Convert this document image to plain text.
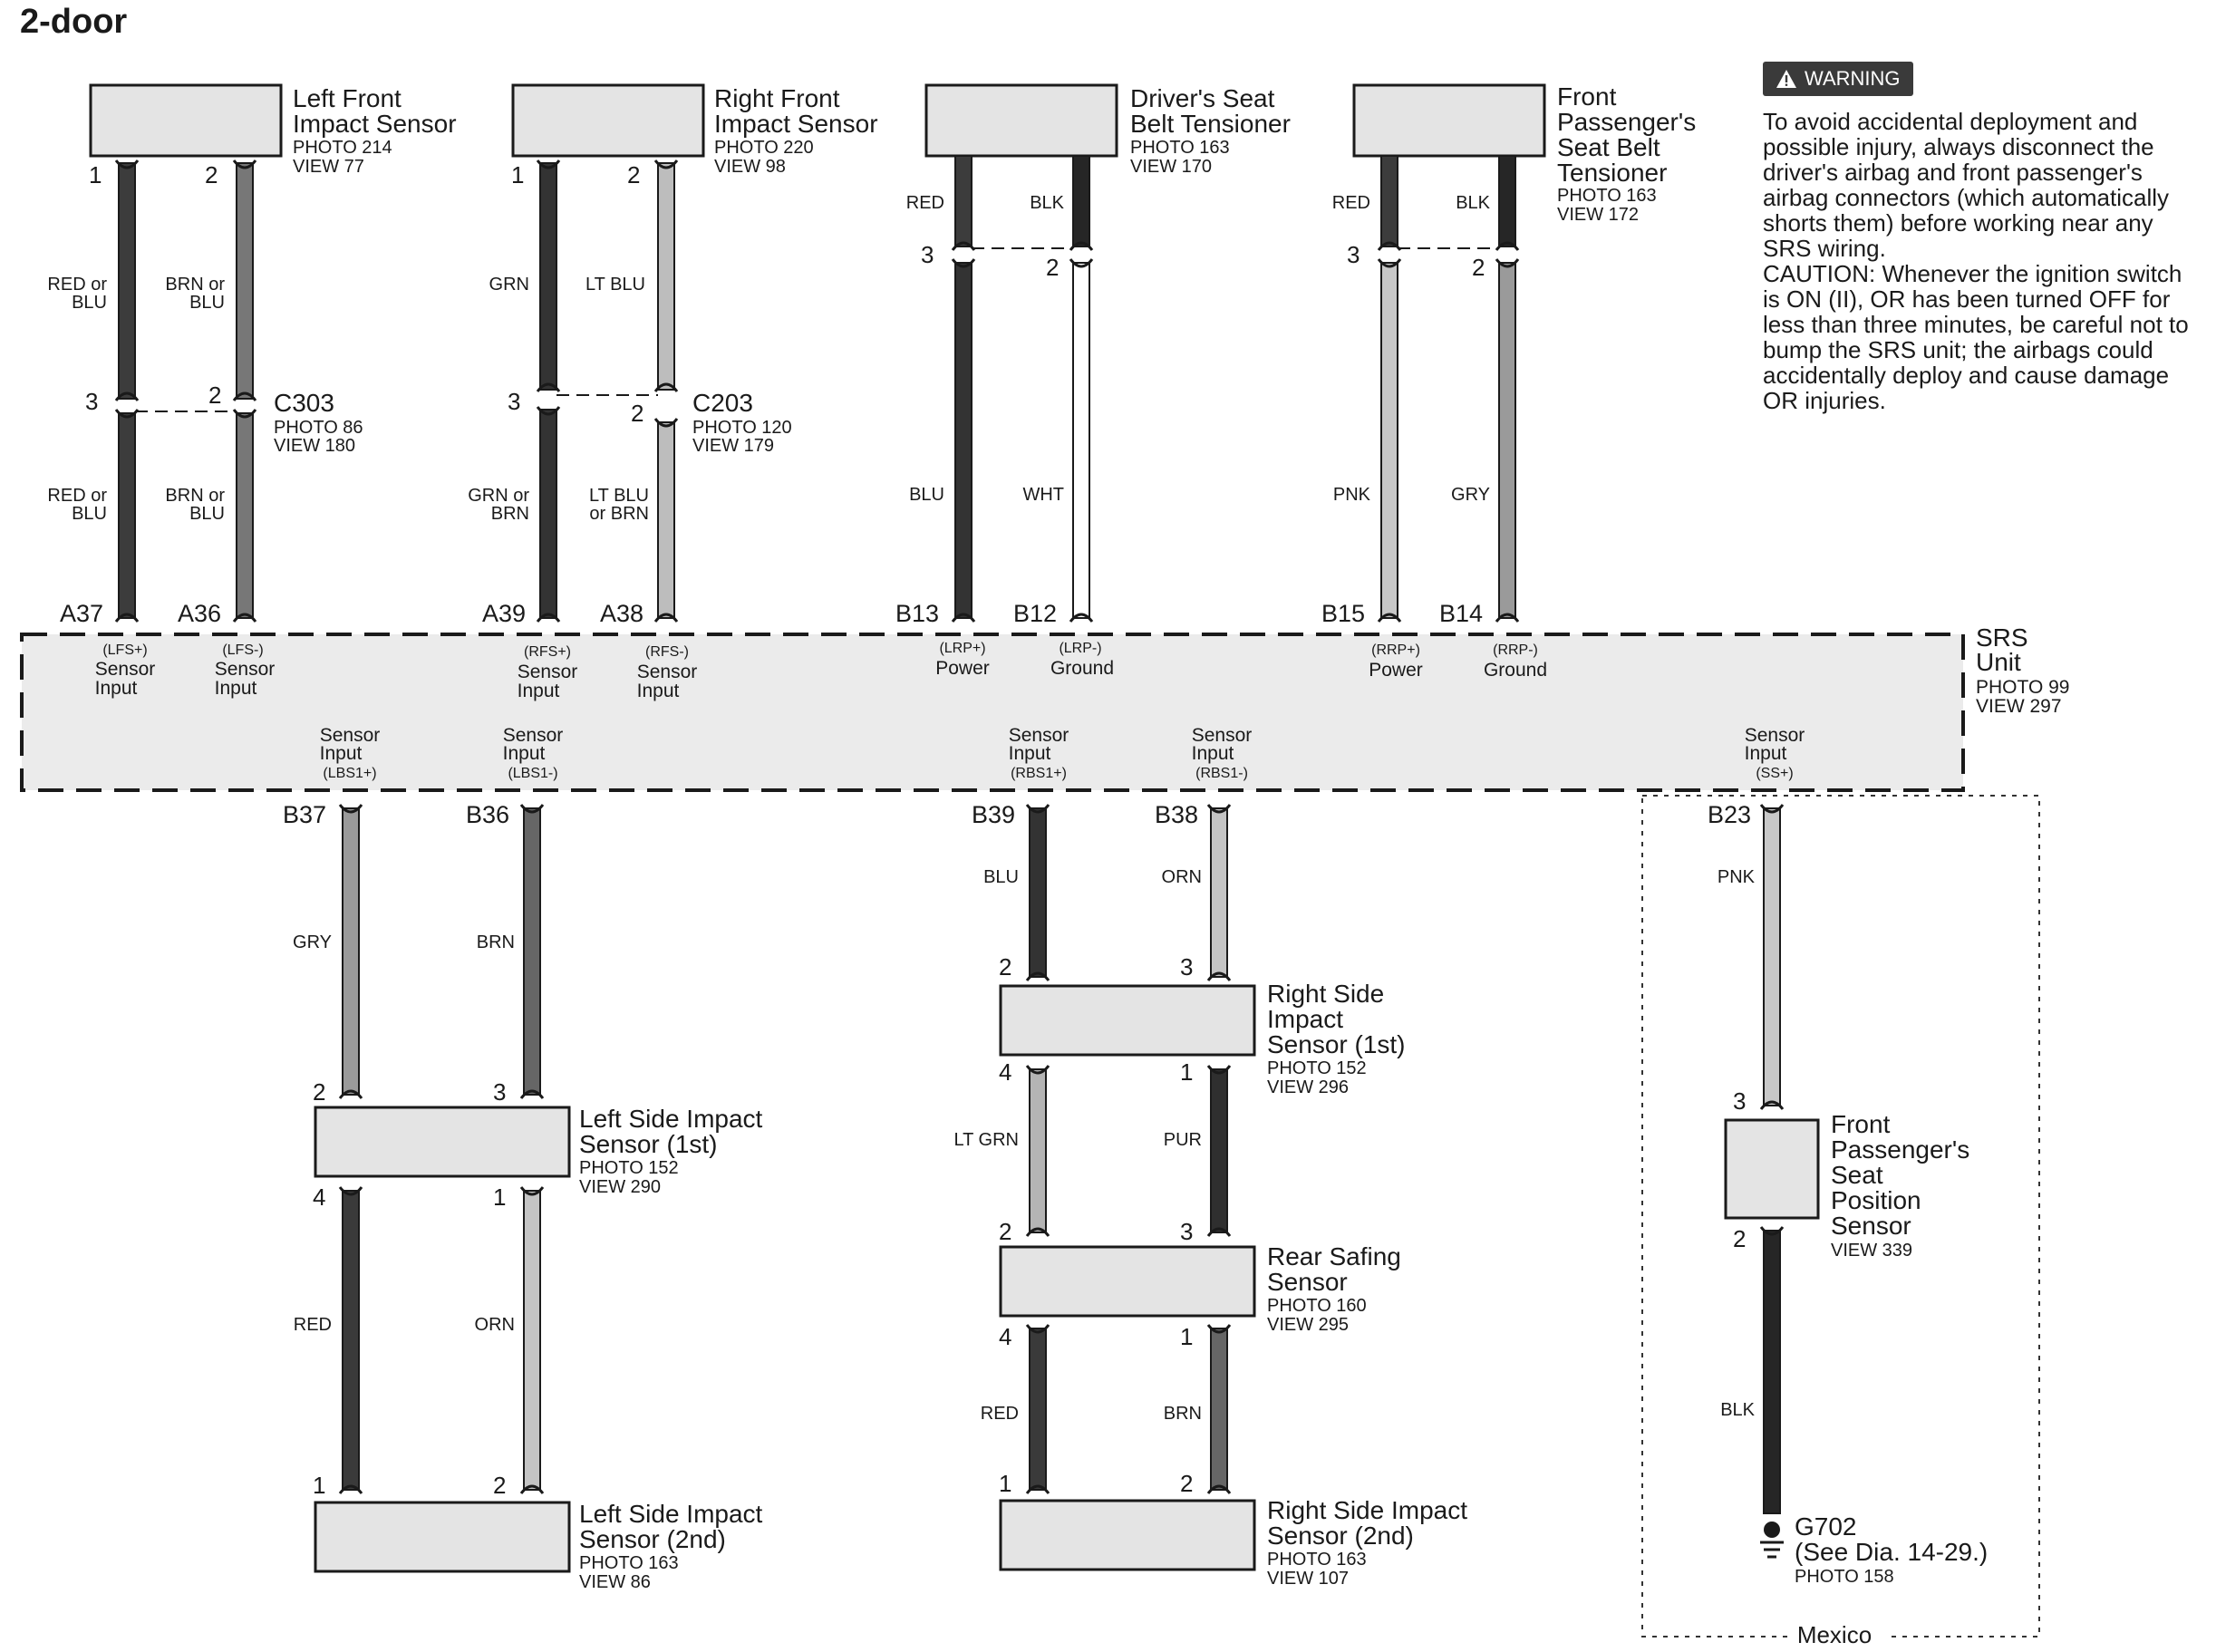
2-door
SRS Unit PHOTO 99 VIEW 297
Mexico
Left Front Impact Sensor PHOTO 214 VIEW 77
Right Front Impact Sensor PHOTO 220 VIEW 98
Driver's Seat Belt Tensioner PHOTO 163 VIEW 170
Front Passenger's Seat Belt Tensioner PHOTO 163 VIEW 172
1	2
3	2
1	2
3	2
3	2	3	2
RED or BLU
BRN or BLU
RED or BLU
BRN or BLU
GRN	LT BLU
GRN or BRN
LT BLU or BRN
RED	BLK
BLU	WHT
RED	BLK
PNK	GRY
C303 PHOTO 86 VIEW 180
C203 PHOTO 120 VIEW 179
A37	A36	A39	A38	B13	B12	B15	B14
(LFS+) Sensor Input
(LFS-) Sensor Input
(RFS+) Sensor Input
(RFS-) Sensor Input
(LRP+) Power
(LRP-) Ground
(RRP+) Power
(RRP-) Ground
Sensor Input (LBS1+)
Sensor Input (LBS1-)
Sensor Input (RBS1+)
Sensor Input (RBS1-)
Sensor Input (SS+)
B37	B36	B39	B38	B23
Left Side Impact Sensor (1st) PHOTO 152 VIEW 290
Left Side Impact Sensor (2nd) PHOTO 163 VIEW 86
2	3
4	1
1	2
GRY	BRN
RED	ORN
Right Side Impact Sensor (1st) PHOTO 152 VIEW 296
Rear Safing Sensor PHOTO 160 VIEW 295
Right Side Impact Sensor (2nd) PHOTO 163 VIEW 107
2	3
4	1
2	3
4	1
1	2
BLU	ORN
LT GRN	PUR
RED	BRN
Front Passenger's Seat Position Sensor VIEW 339
G702 (See Dia. 14-29.) PHOTO 158
3
2
PNK
BLK
WARNING

To avoid accidental deployment and possible injury, always disconnect the driver's airbag and front passenger's airbag connectors (which automatically shorts them) before working near any SRS wiring.

CAUTION: Whenever the ignition switch is ON (II), OR has been turned OFF for less than three minutes, be careful not to bump the SRS unit; the airbags could accidentally deploy and cause damage OR injuries.
